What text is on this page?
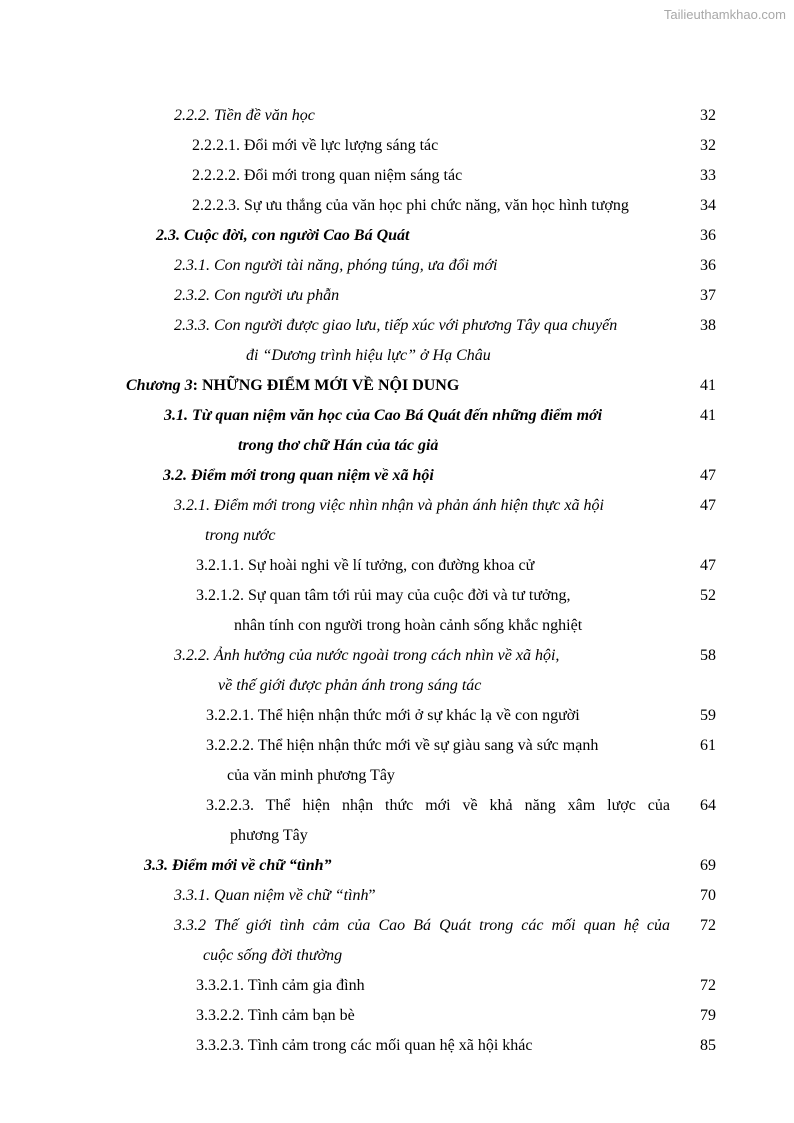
Tailieuthamkhao.com
2.2.2. Tiền đề văn học	32
2.2.2.1. Đổi mới về lực lượng sáng tác	32
2.2.2.2. Đổi mới trong quan niệm sáng tác	33
2.2.2.3. Sự ưu thắng của văn học phi chức năng, văn học hình tượng	34
2.3. Cuộc đời, con người Cao Bá Quát	36
2.3.1. Con người tài năng, phóng túng, ưa đổi mới	36
2.3.2. Con người ưu phẫn	37
2.3.3. Con người được giao lưu, tiếp xúc với phương Tây qua chuyến	38
đi “Dương trình hiệu lực” ở Hạ Châu
Chương 3: NHỮNG ĐIỂM MỚI VỀ NỘI DUNG	41
3.1. Từ quan niệm văn học của Cao Bá Quát đến những điểm mới	41
trong thơ chữ Hán của tác giả
3.2. Điểm mới trong quan niệm về xã hội	47
3.2.1. Điểm mới trong việc nhìn nhận và phản ánh hiện thực xã hội	47
trong nước
3.2.1.1. Sự hoài nghi về lí tưởng, con đường khoa cử	47
3.2.1.2. Sự quan tâm tới rủi may của cuộc đời và tư tưởng,	52
nhân tính con người trong hoàn cảnh sống khắc nghiệt
3.2.2. Ảnh hưởng của nước ngoài trong cách nhìn về xã hội,	58
về thế giới được phản ánh trong sáng tác
3.2.2.1. Thể hiện nhận thức mới ở sự khác lạ về con người	59
3.2.2.2. Thể hiện nhận thức mới về sự giàu sang và sức mạnh	61
của văn minh phương Tây
3.2.2.3. Thể hiện nhận thức mới về khả năng xâm lược của	64
phương Tây
3.3. Điểm mới về chữ “tình”	69
3.3.1. Quan niệm về chữ “tình”	70
3.3.2 Thế giới tình cảm của Cao Bá Quát trong các mối quan hệ của	72
cuộc sống đời thường
3.3.2.1. Tình cảm gia đình	72
3.3.2.2. Tình cảm bạn bè	79
3.3.2.3. Tình cảm trong các mối quan hệ xã hội khác	85
